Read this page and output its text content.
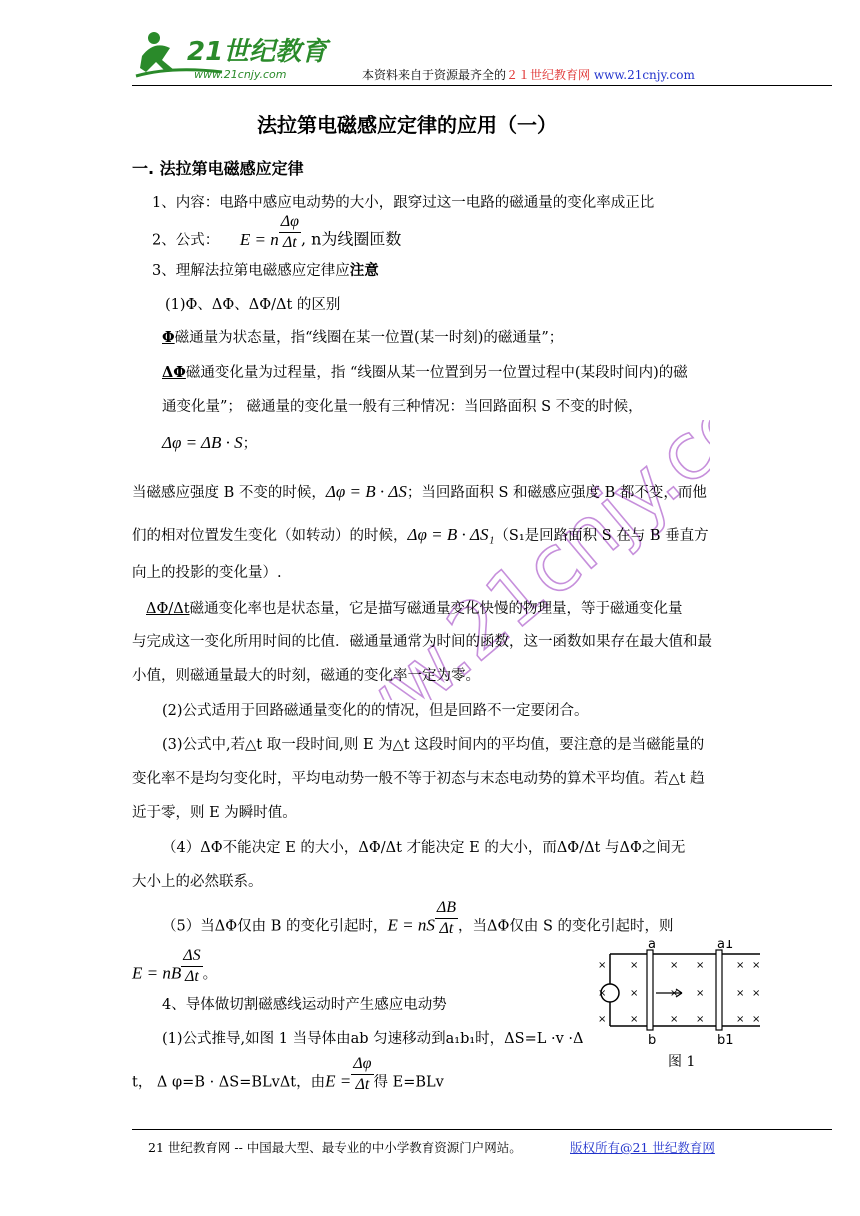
21世纪教育
www.21cnjy.com	本资料来自于资源最齐全的２１世纪教育网 www.21cnjy.com
www.21cnjy.com
法拉第电磁感应定律的应用（一）
一. 法拉第电磁感应定律
1、内容：电路中感应电动势的大小，跟穿过这一电路的磁通量的变化率成正比
2、公式： E = n $\frac{\Delta\varphi}{\Delta t}$ , n为线圈匝数
3、理解法拉第电磁感应定律应注意
(1)Φ、ΔΦ、ΔΦ/Δt 的区别
Φ磁通量为状态量，指“线圈在某一位置(某一时刻)的磁通量”；
ΔΦ磁通变化量为过程量，指 “线圈从某一位置到另一位置过程中(某段时间内)的磁
通变化量”； 磁通量的变化量一般有三种情况：当回路面积 S 不变的时候，
Δφ = ΔB · S；
当磁感应强度 B 不变的时候，Δφ = B · ΔS；当回路面积 S 和磁感应强度 B 都不变，而他
们的相对位置发生变化（如转动）的时候，Δφ = B · ΔS₁（S₁是回路面积 S 在与 B 垂直方
向上的投影的变化量）.
ΔΦ/Δt磁通变化率也是状态量，它是描写磁通量变化快慢的物理量，等于磁通变化量
与完成这一变化所用时间的比值．磁通量通常为时间的函数，这一函数如果存在最大值和最
小值，则磁通量最大的时刻，磁通的变化率一定为零。
(2)公式适用于回路磁通量变化的的情况，但是回路不一定要闭合。
(3)公式中,若△t 取一段时间,则 E 为△t 这段时间内的平均值，要注意的是当磁能量的
变化率不是均匀变化时，平均电动势一般不等于初态与末态电动势的算术平均值。若△t 趋
近于零，则 E 为瞬时值。
（4）ΔΦ不能决定 E 的大小，ΔΦ/Δt 才能决定 E 的大小，而ΔΦ/Δt 与ΔΦ之间无
大小上的必然联系。
（5）当ΔΦ仅由 B 的变化引起时，E = nS $\frac{\Delta B}{\Delta t}$ ，当ΔΦ仅由 S 的变化引起时，则
E = nB $\frac{\Delta S}{\Delta t}$ 。
4、导体做切割磁感线运动时产生感应电动势
(1)公式推导,如图 1 当导体由ab 匀速移动到a₁b₁时，ΔS=L ·v ·Δ
t， Δ φ=B · ΔS=BLvΔt，由$E = \frac{\Delta\varphi}{\Delta t}$ 得 E=BLv
a	a1
b	b1
× ×	× ×	× ×
× ×	× ×	× ×
× ×	× ×	× ×
图 1
21 世纪教育网 -- 中国最大型、最专业的中小学教育资源门户网站。	版权所有@21 世纪教育网
